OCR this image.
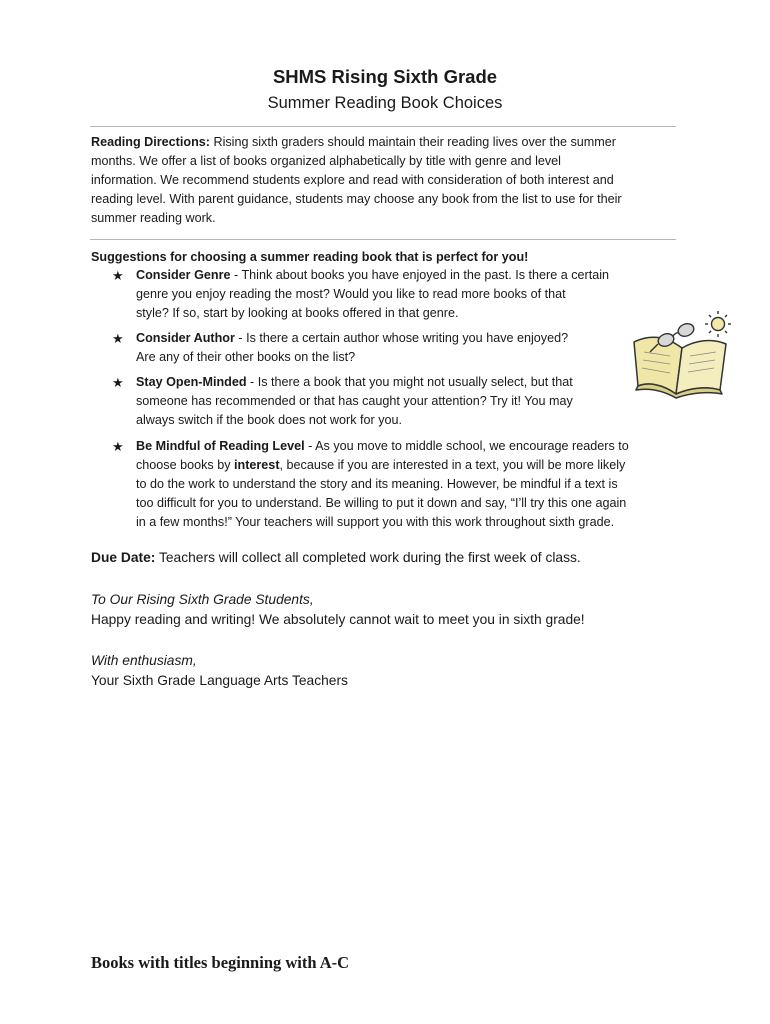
SHMS Rising Sixth Grade
Summer Reading Book Choices
Reading Directions: Rising sixth graders should maintain their reading lives over the summer
months. We offer a list of books organized alphabetically by title with genre and level
information. We recommend students explore and read with consideration of both interest and
reading level. With parent guidance, students may choose any book from the list to use for their
summer reading work.
Suggestions for choosing a summer reading book that is perfect for you!
★ Consider Genre - Think about books you have enjoyed in the past. Is there a certain
genre you enjoy reading the most? Would you like to read more books of that
style? If so, start by looking at books offered in that genre.
★ Consider Author - Is there a certain author whose writing you have enjoyed?
Are any of their other books on the list?
★ Stay Open-Minded - Is there a book that you might not usually select, but that
someone has recommended or that has caught your attention? Try it! You may
always switch if the book does not work for you.
★ Be Mindful of Reading Level - As you move to middle school, we encourage readers to
choose books by interest, because if you are interested in a text, you will be more likely
to do the work to understand the story and its meaning. However, be mindful if a text is
too difficult for you to understand. Be willing to put it down and say, “I’ll try this one again
in a few months!” Your teachers will support you with this work throughout sixth grade.
Due Date: Teachers will collect all completed work during the first week of class.
To Our Rising Sixth Grade Students,
Happy reading and writing! We absolutely cannot wait to meet you in sixth grade!
With enthusiasm,
Your Sixth Grade Language Arts Teachers
Books with titles beginning with A-C
